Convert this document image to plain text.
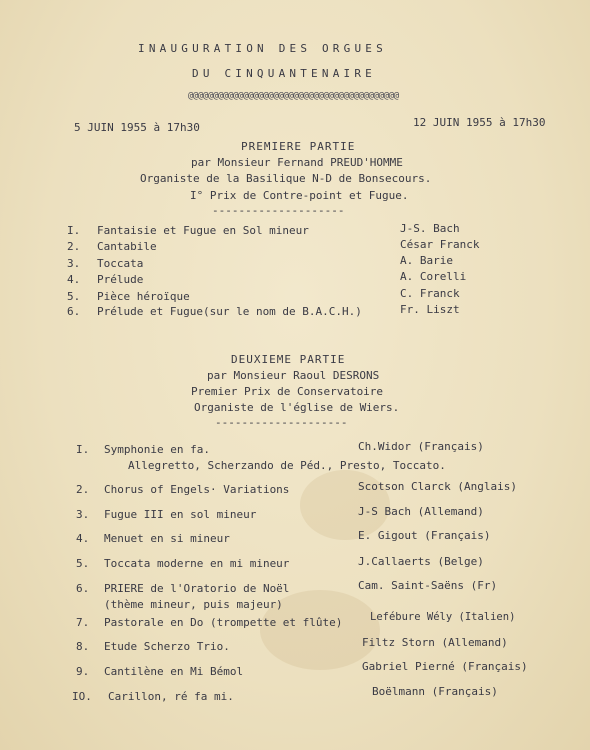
INAUGURATION DES ORGUES
DU CINQUANTENAIRE
@@@@@@@@@@@@@@@@@@@@@@@@@@@@@@@@@@@@@@@@@@
5 JUIN 1955 à 17h30	12 JUIN 1955 à 17h30
PREMIERE PARTIE
par Monsieur Fernand PREUD'HOMME
Organiste de la Basilique N-D de Bonsecours.
I° Prix de Contre-point et Fugue.
--------------------
I. Fantaisie et Fugue en Sol mineur	J-S. Bach
2. Cantabile	César Franck
3. Toccata	A. Barie
4. Prélude	A. Corelli
5. Pièce héroïque	C. Franck
6. Prélude et Fugue(sur le nom de B.A.C.H.)	Fr. Liszt
DEUXIEME PARTIE
par Monsieur Raoul DESRONS
Premier Prix de Conservatoire
Organiste de l'église de Wiers.
--------------------
I. Symphonie en fa.	Ch.Widor (Français)
Allegretto, Scherzando de Péd., Presto, Toccato.
2. Chorus of Engels· Variations	Scotson Clarck (Anglais)
3. Fugue III en sol mineur	J-S Bach (Allemand)
4. Menuet en si mineur	E. Gigout (Français)
5. Toccata moderne en mi mineur	J.Callaerts (Belge)
6. PRIERE de l'Oratorio de Noël	Cam. Saint-Saëns (Fr)
(thème mineur, puis majeur)
7. Pastorale en Do (trompette et flûte)	Lefébure Wély (Italien)
8. Etude Scherzo Trio.	Filtz Storn (Allemand)
9. Cantilène en Mi Bémol	Gabriel Pierné (Français)
IO. Carillon, ré fa mi.	Boëlmann (Français)
